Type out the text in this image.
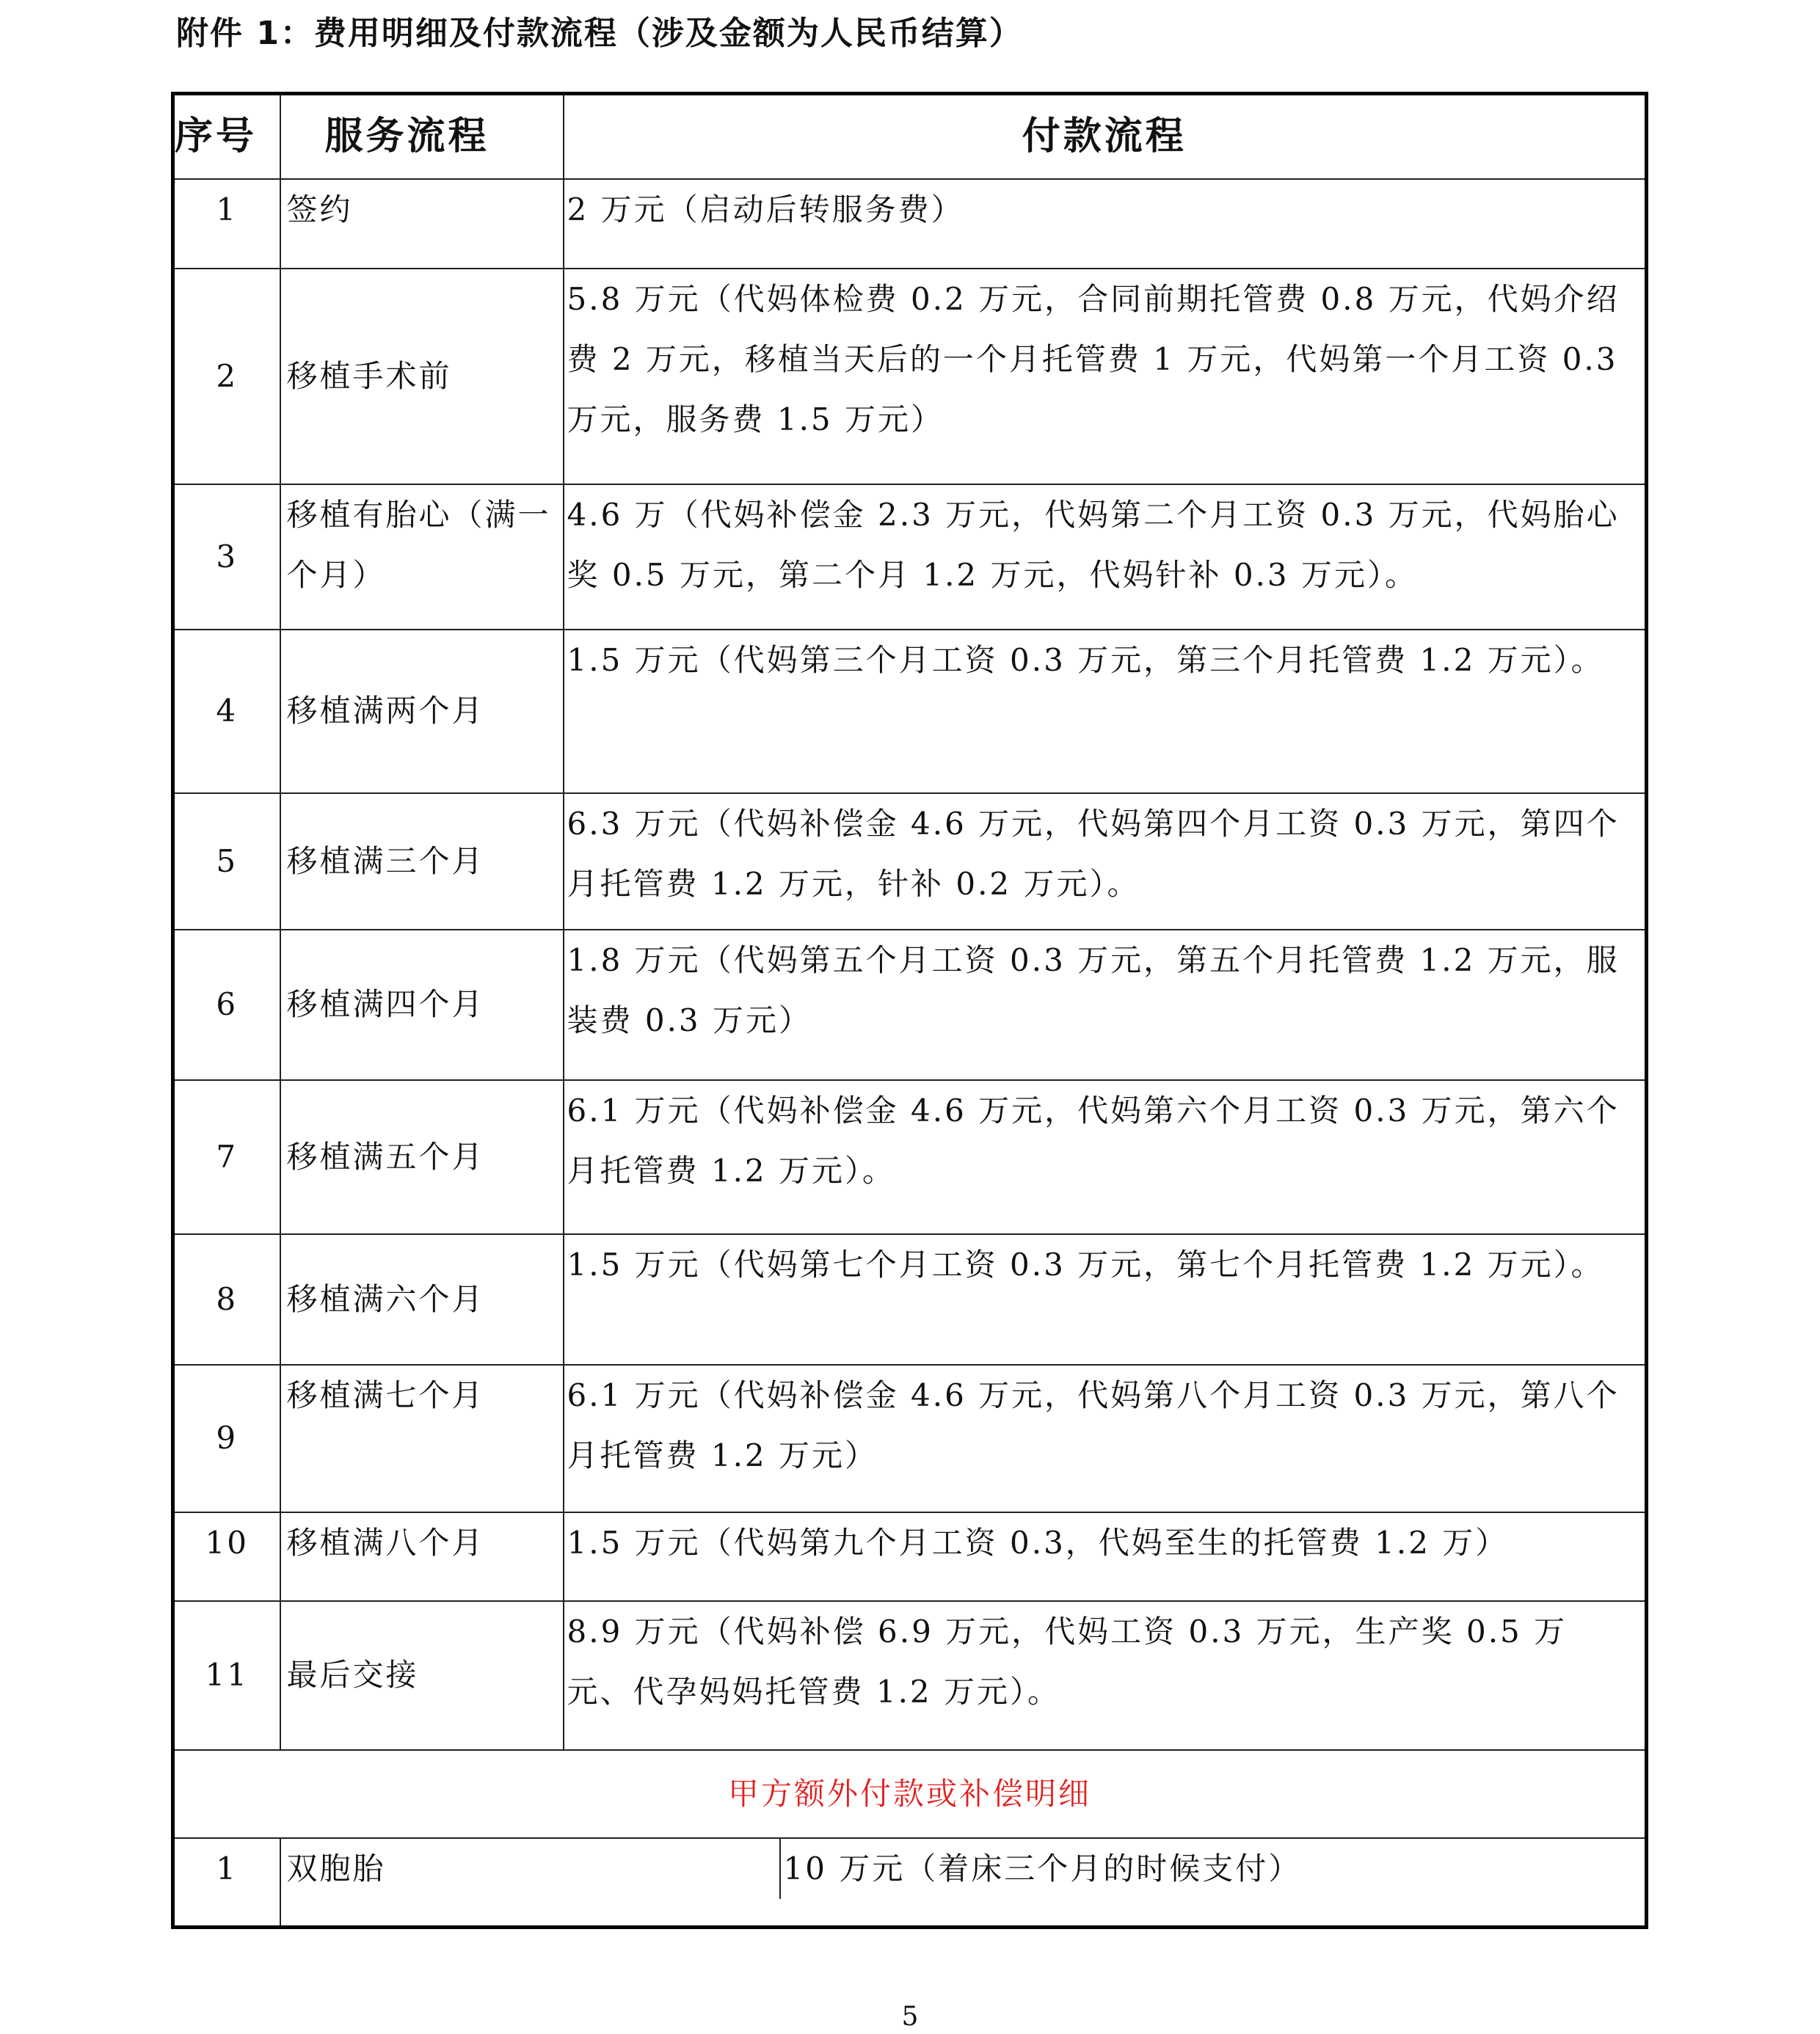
附件 1：费用明细及付款流程（涉及金额为人民币结算）
序号	服务流程	付款流程
1	签约	2 万元（启动后转服务费）
2	移植手术前	5.8 万元（代妈体检费 0.2 万元，合同前期托管费 0.8 万元，代妈介绍费 2 万元，移植当天后的一个月托管费 1 万元，代妈第一个月工资 0.3 万元，服务费 1.5 万元）
3	移植有胎心（满一个月）	4.6 万（代妈补偿金 2.3 万元，代妈第二个月工资 0.3 万元，代妈胎心奖 0.5 万元，第二个月 1.2 万元，代妈针补 0.3 万元）。
4	移植满两个月	1.5 万元（代妈第三个月工资 0.3 万元，第三个月托管费 1.2 万元）。
5	移植满三个月	6.3 万元（代妈补偿金 4.6 万元，代妈第四个月工资 0.3 万元，第四个月托管费 1.2 万元，针补 0.2 万元）。
6	移植满四个月	1.8 万元（代妈第五个月工资 0.3 万元，第五个月托管费 1.2 万元，服装费 0.3 万元）
7	移植满五个月	6.1 万元（代妈补偿金 4.6 万元，代妈第六个月工资 0.3 万元，第六个月托管费 1.2 万元）。
8	移植满六个月	1.5 万元（代妈第七个月工资 0.3 万元，第七个月托管费 1.2 万元）。
9	移植满七个月	6.1 万元（代妈补偿金 4.6 万元，代妈第八个月工资 0.3 万元，第八个月托管费 1.2 万元）
10	移植满八个月	1.5 万元（代妈第九个月工资 0.3，代妈至生的托管费 1.2 万）
11	最后交接	8.9 万元（代妈补偿 6.9 万元，代妈工资 0.3 万元，生产奖 0.5 万元、代孕妈妈托管费 1.2 万元）。
甲方额外付款或补偿明细
1	双胞胎	10 万元（着床三个月的时候支付）
5
